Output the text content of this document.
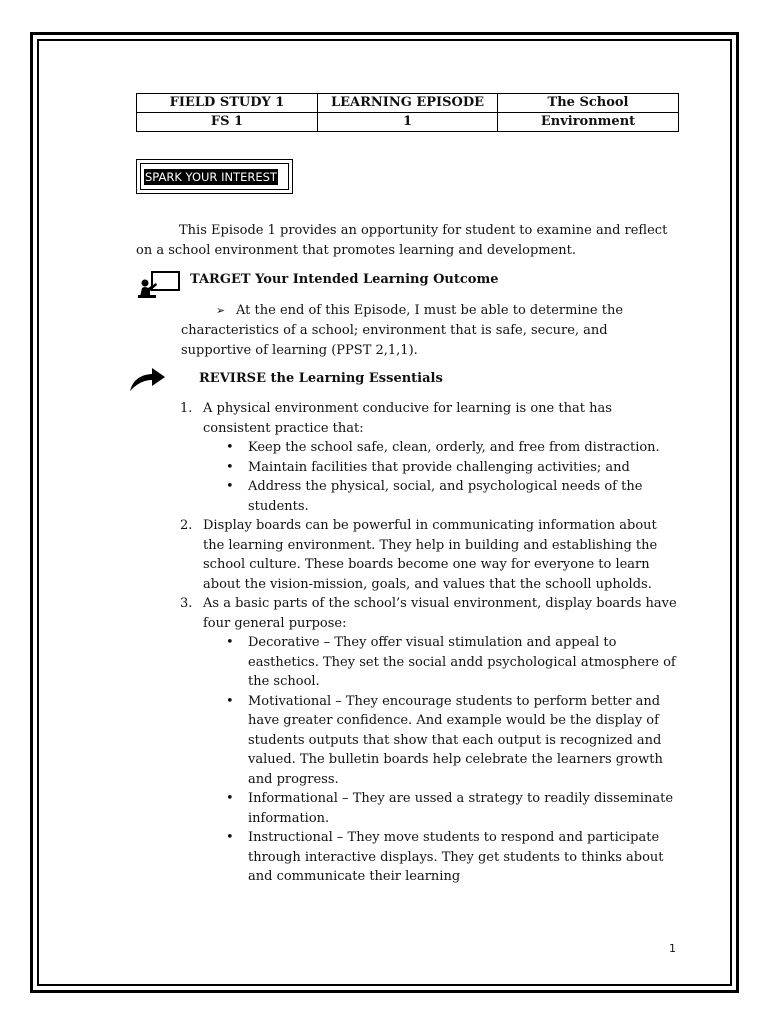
FIELD STUDY 1	LEARNING EPISODE	The School
FS 1	1	Environment
SPARK YOUR INTEREST

This Episode 1 provides an opportunity for student to examine and reflect on a school environment that promotes learning and development.

TARGET Your Intended Learning Outcome
➢ At the end of this Episode, I must be able to determine the characteristics of a school; environment that is safe, secure, and supportive of learning (PPST 2,1,1).

REVIRSE the Learning Essentials
1. A physical environment conducive for learning is one that has consistent practice that:
• Keep the school safe, clean, orderly, and free from distraction.
• Maintain facilities that provide challenging activities; and
• Address the physical, social, and psychological needs of the students.
2. Display boards can be powerful in communicating information about the learning environment. They help in building and establishing the school culture. These boards become one way for everyone to learn about the vision-mission, goals, and values that the schooll upholds.
3. As a basic parts of the school’s visual environment, display boards have four general purpose:
• Decorative – They offer visual stimulation and appeal to easthetics. They set the social andd psychological atmosphere of the school.
• Motivational – They encourage students to perform better and have greater confidence. And example would be the display of students outputs that show that each output is recognized and valued. The bulletin boards help celebrate the learners growth and progress.
• Informational – They are ussed a strategy to readily disseminate information.
• Instructional – They move students to respond and participate through interactive displays. They get students to thinks about and communicate their learning
1
